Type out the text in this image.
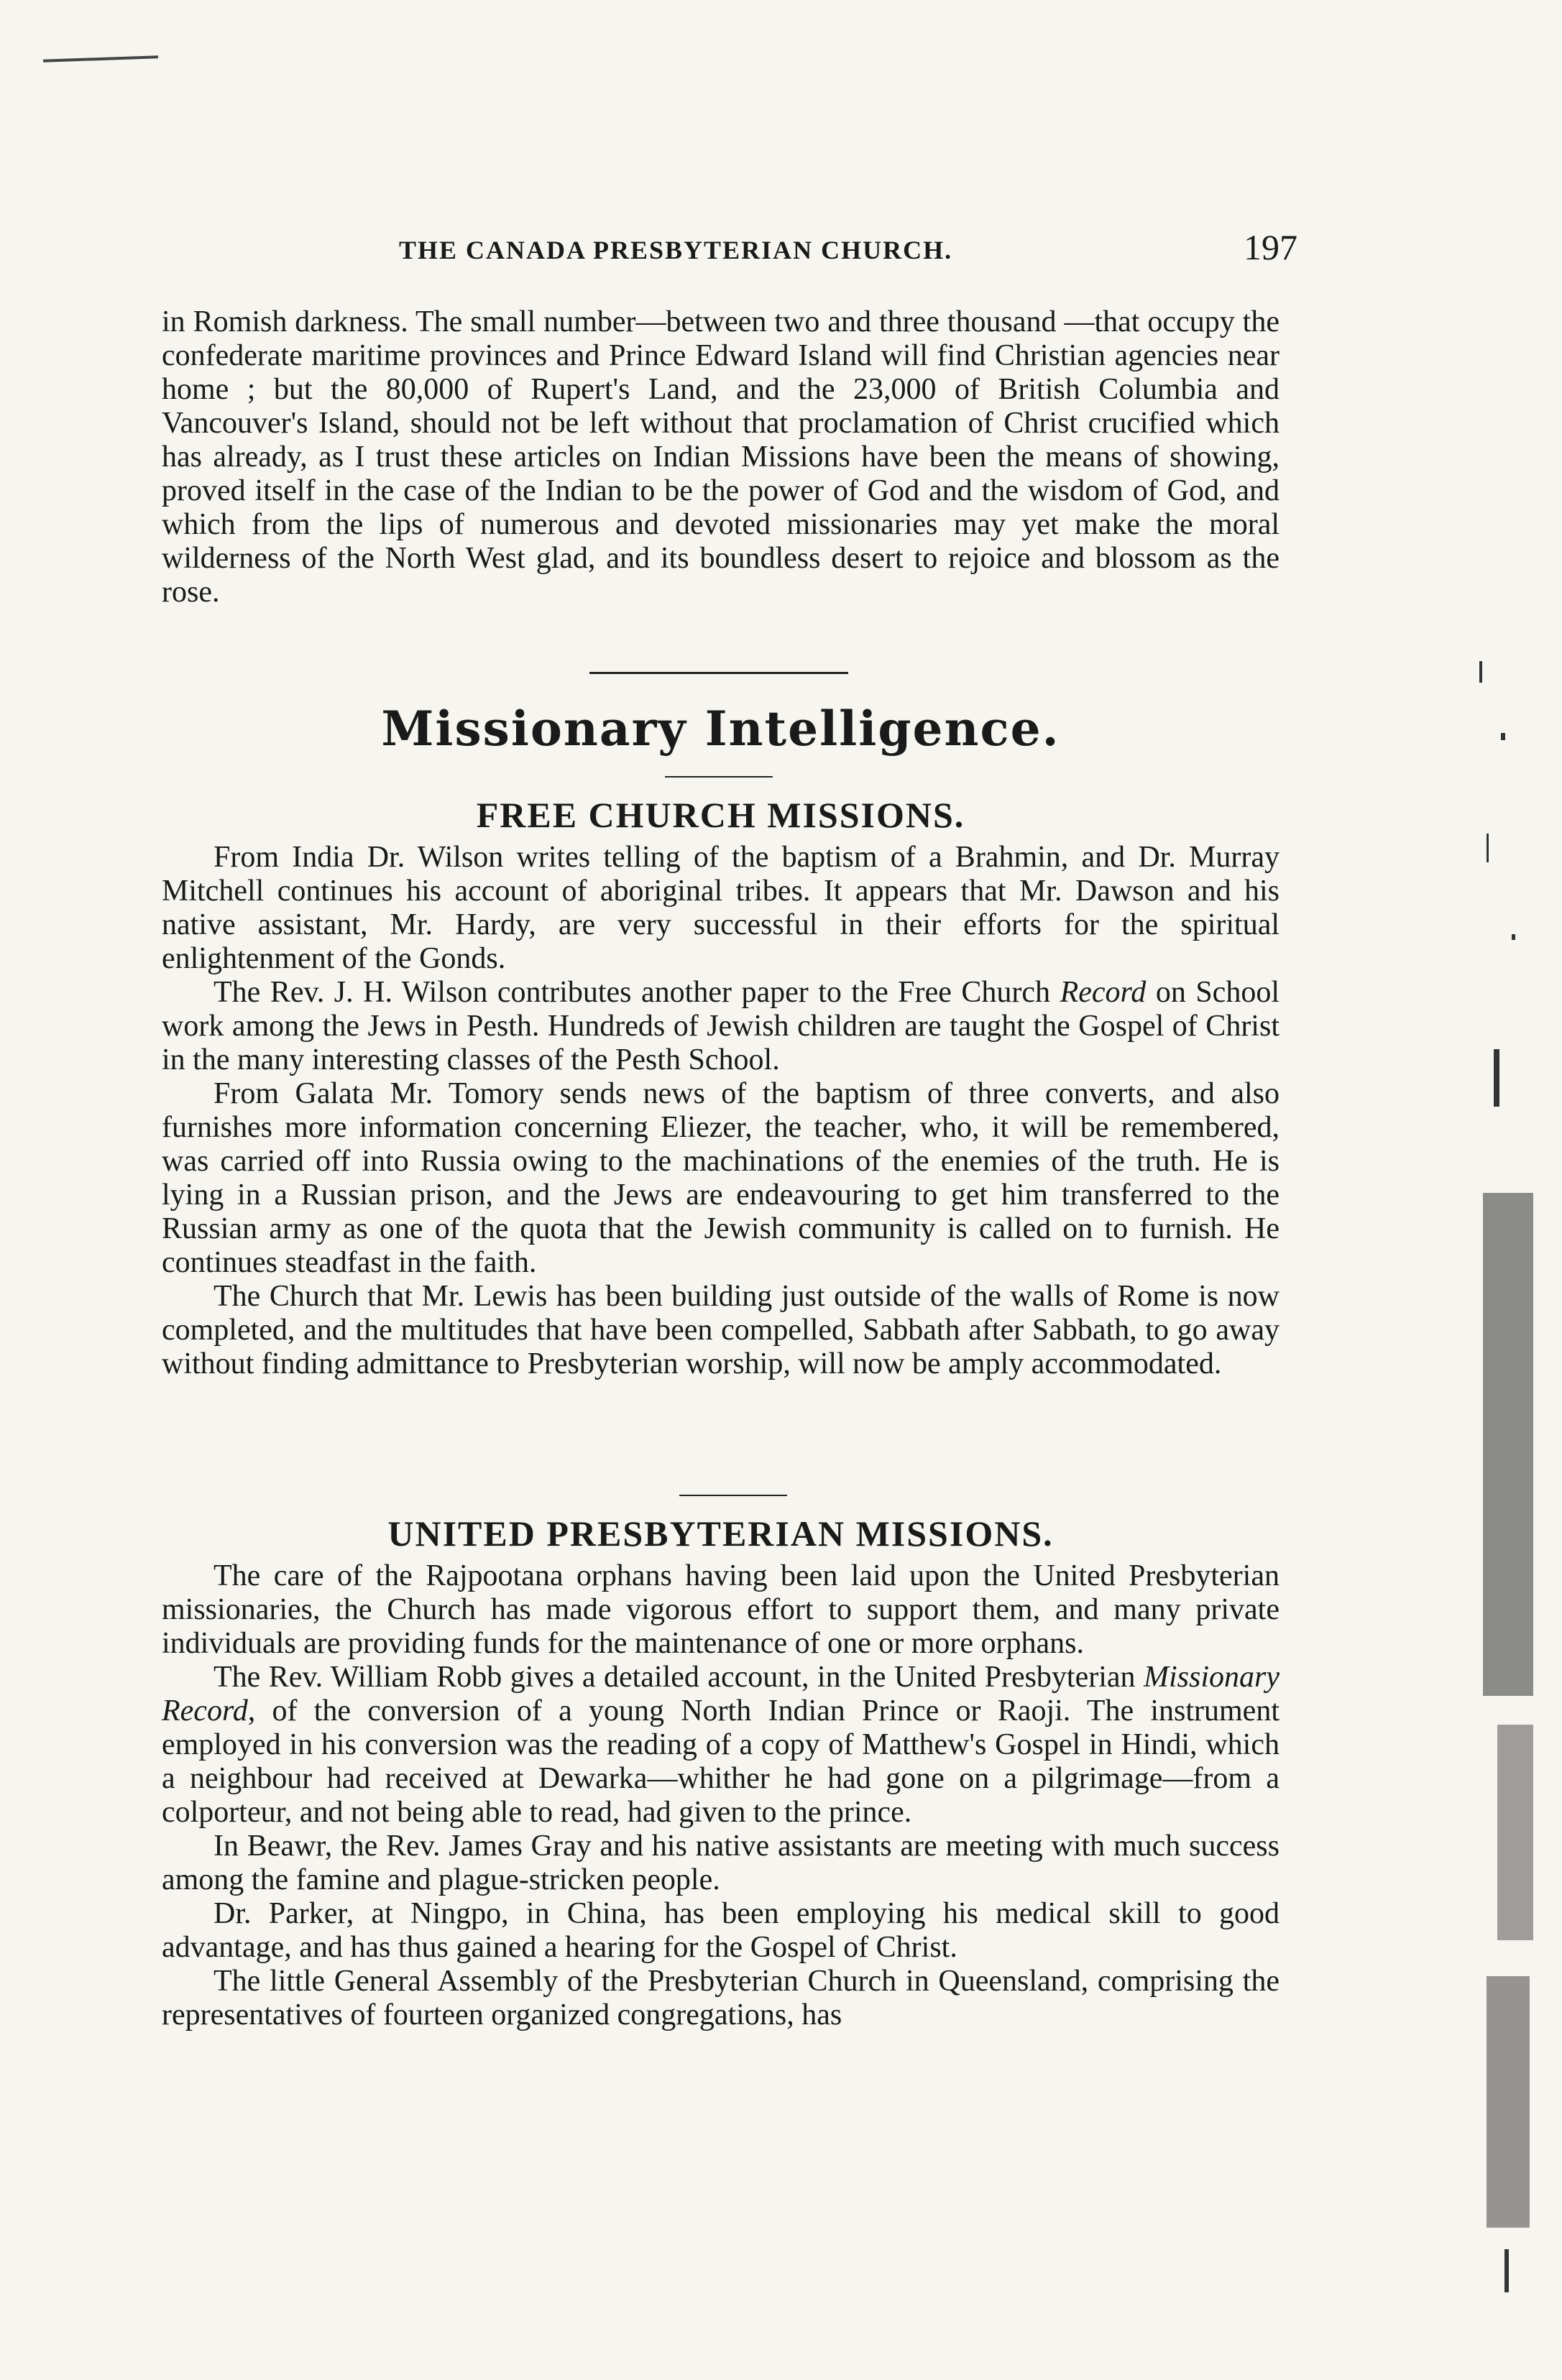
THE CANADA PRESBYTERIAN CHURCH.	197

in Romish darkness. The small number—between two and three thousand —that occupy the confederate maritime provinces and Prince Edward Island will find Christian agencies near home ; but the 80,000 of Rupert's Land, and the 23,000 of British Columbia and Vancouver's Island, should not be left without that proclamation of Christ crucified which has already, as I trust these articles on Indian Missions have been the means of showing, proved itself in the case of the Indian to be the power of God and the wisdom of God, and which from the lips of numerous and devoted missionaries may yet make the moral wilderness of the North West glad, and its boundless desert to rejoice and blossom as the rose.

Missionary Intelligence.
FREE CHURCH MISSIONS.

From India Dr. Wilson writes telling of the baptism of a Brahmin, and Dr. Murray Mitchell continues his account of aboriginal tribes. It appears that Mr. Dawson and his native assistant, Mr. Hardy, are very successful in their efforts for the spiritual enlightenment of the Gonds.

The Rev. J. H. Wilson contributes another paper to the Free Church Record on School work among the Jews in Pesth. Hundreds of Jewish children are taught the Gospel of Christ in the many interesting classes of the Pesth School.

From Galata Mr. Tomory sends news of the baptism of three converts, and also furnishes more information concerning Eliezer, the teacher, who, it will be remembered, was carried off into Russia owing to the machinations of the enemies of the truth. He is lying in a Russian prison, and the Jews are endeavouring to get him transferred to the Russian army as one of the quota that the Jewish community is called on to furnish. He continues steadfast in the faith.

The Church that Mr. Lewis has been building just outside of the walls of Rome is now completed, and the multitudes that have been compelled, Sabbath after Sabbath, to go away without finding admittance to Presbyterian worship, will now be amply accommodated.

UNITED PRESBYTERIAN MISSIONS.

The care of the Rajpootana orphans having been laid upon the United Presbyterian missionaries, the Church has made vigorous effort to support them, and many private individuals are providing funds for the maintenance of one or more orphans.

The Rev. William Robb gives a detailed account, in the United Presbyterian Missionary Record, of the conversion of a young North Indian Prince or Raoji. The instrument employed in his conversion was the reading of a copy of Matthew's Gospel in Hindi, which a neighbour had received at Dewarka—whither he had gone on a pilgrimage—from a colporteur, and not being able to read, had given to the prince.

In Beawr, the Rev. James Gray and his native assistants are meeting with much success among the famine and plague-stricken people.

Dr. Parker, at Ningpo, in China, has been employing his medical skill to good advantage, and has thus gained a hearing for the Gospel of Christ.

The little General Assembly of the Presbyterian Church in Queensland, comprising the representatives of fourteen organized congregations, has
